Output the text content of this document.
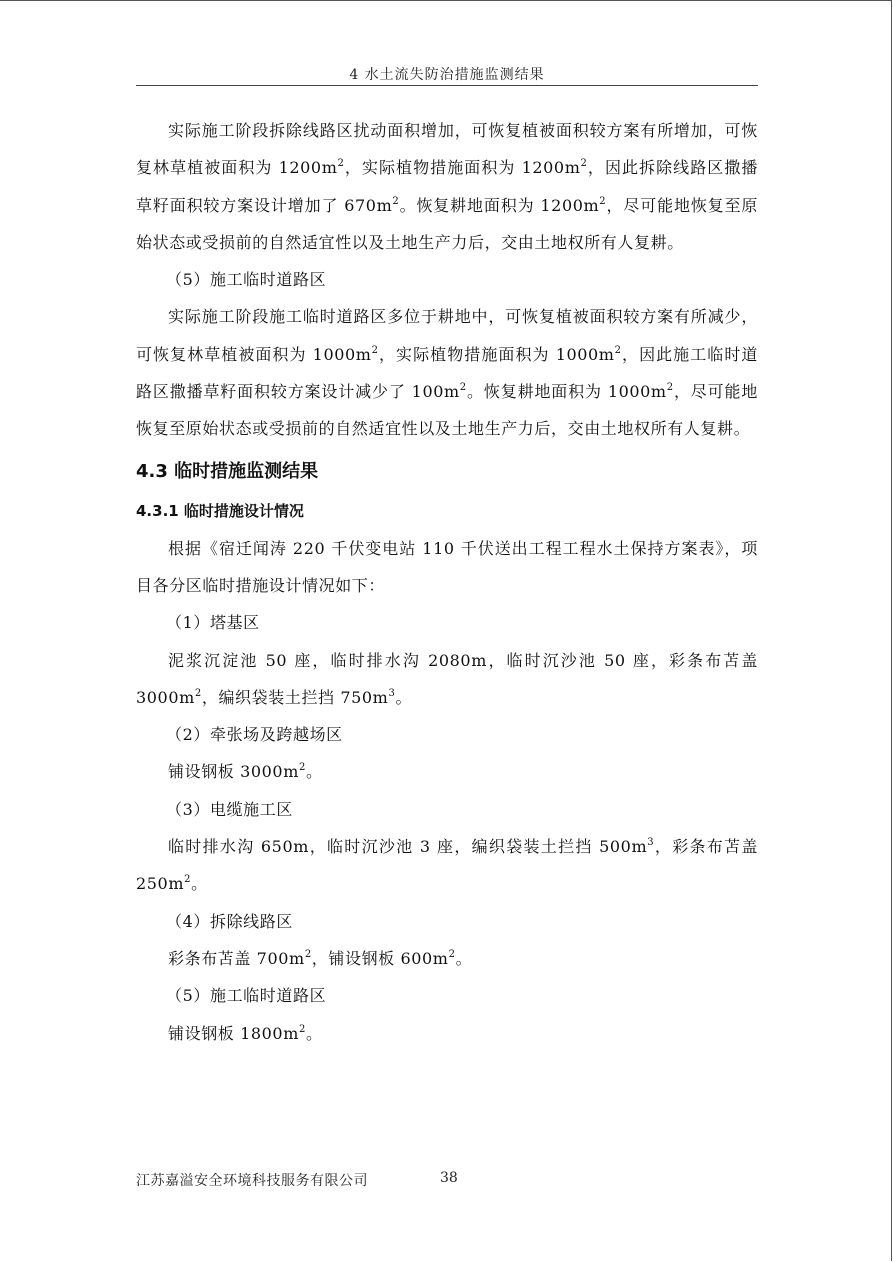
4 水土流失防治措施监测结果

实际施工阶段拆除线路区扰动面积增加，可恢复植被面积较方案有所增加，可恢复林草植被面积为 $1200m^2$，实际植物措施面积为 $1200m^2$，因此拆除线路区撒播草籽面积较方案设计增加了 $670m^2$。恢复耕地面积为 $1200m^2$，尽可能地恢复至原始状态或受损前的自然适宜性以及土地生产力后，交由土地权所有人复耕。

（5）施工临时道路区

实际施工阶段施工临时道路区多位于耕地中，可恢复植被面积较方案有所减少，可恢复林草植被面积为 $1000m^2$，实际植物措施面积为 $1000m^2$，因此施工临时道路区撒播草籽面积较方案设计减少了 $100m^2$。恢复耕地面积为 $1000m^2$，尽可能地恢复至原始状态或受损前的自然适宜性以及土地生产力后，交由土地权所有人复耕。

4.3 临时措施监测结果
4.3.1 临时措施设计情况

根据《宿迁闻涛 220 千伏变电站 110 千伏送出工程工程水土保持方案表》，项目各分区临时措施设计情况如下：

（1）塔基区

泥浆沉淀池 50 座，临时排水沟 2080m，临时沉沙池 50 座，彩条布苫盖 $3000m^2$，编织袋装土拦挡 $750m^3$。

（2）牵张场及跨越场区

铺设钢板 $3000m^2$。

（3）电缆施工区

临时排水沟 650m，临时沉沙池 3 座，编织袋装土拦挡 $500m^3$，彩条布苫盖 $250m^2$。

（4）拆除线路区

彩条布苫盖 $700m^2$，铺设钢板 $600m^2$。

（5）施工临时道路区

铺设钢板 $1800m^2$。

江苏嘉溢安全环境科技服务有限公司	38
